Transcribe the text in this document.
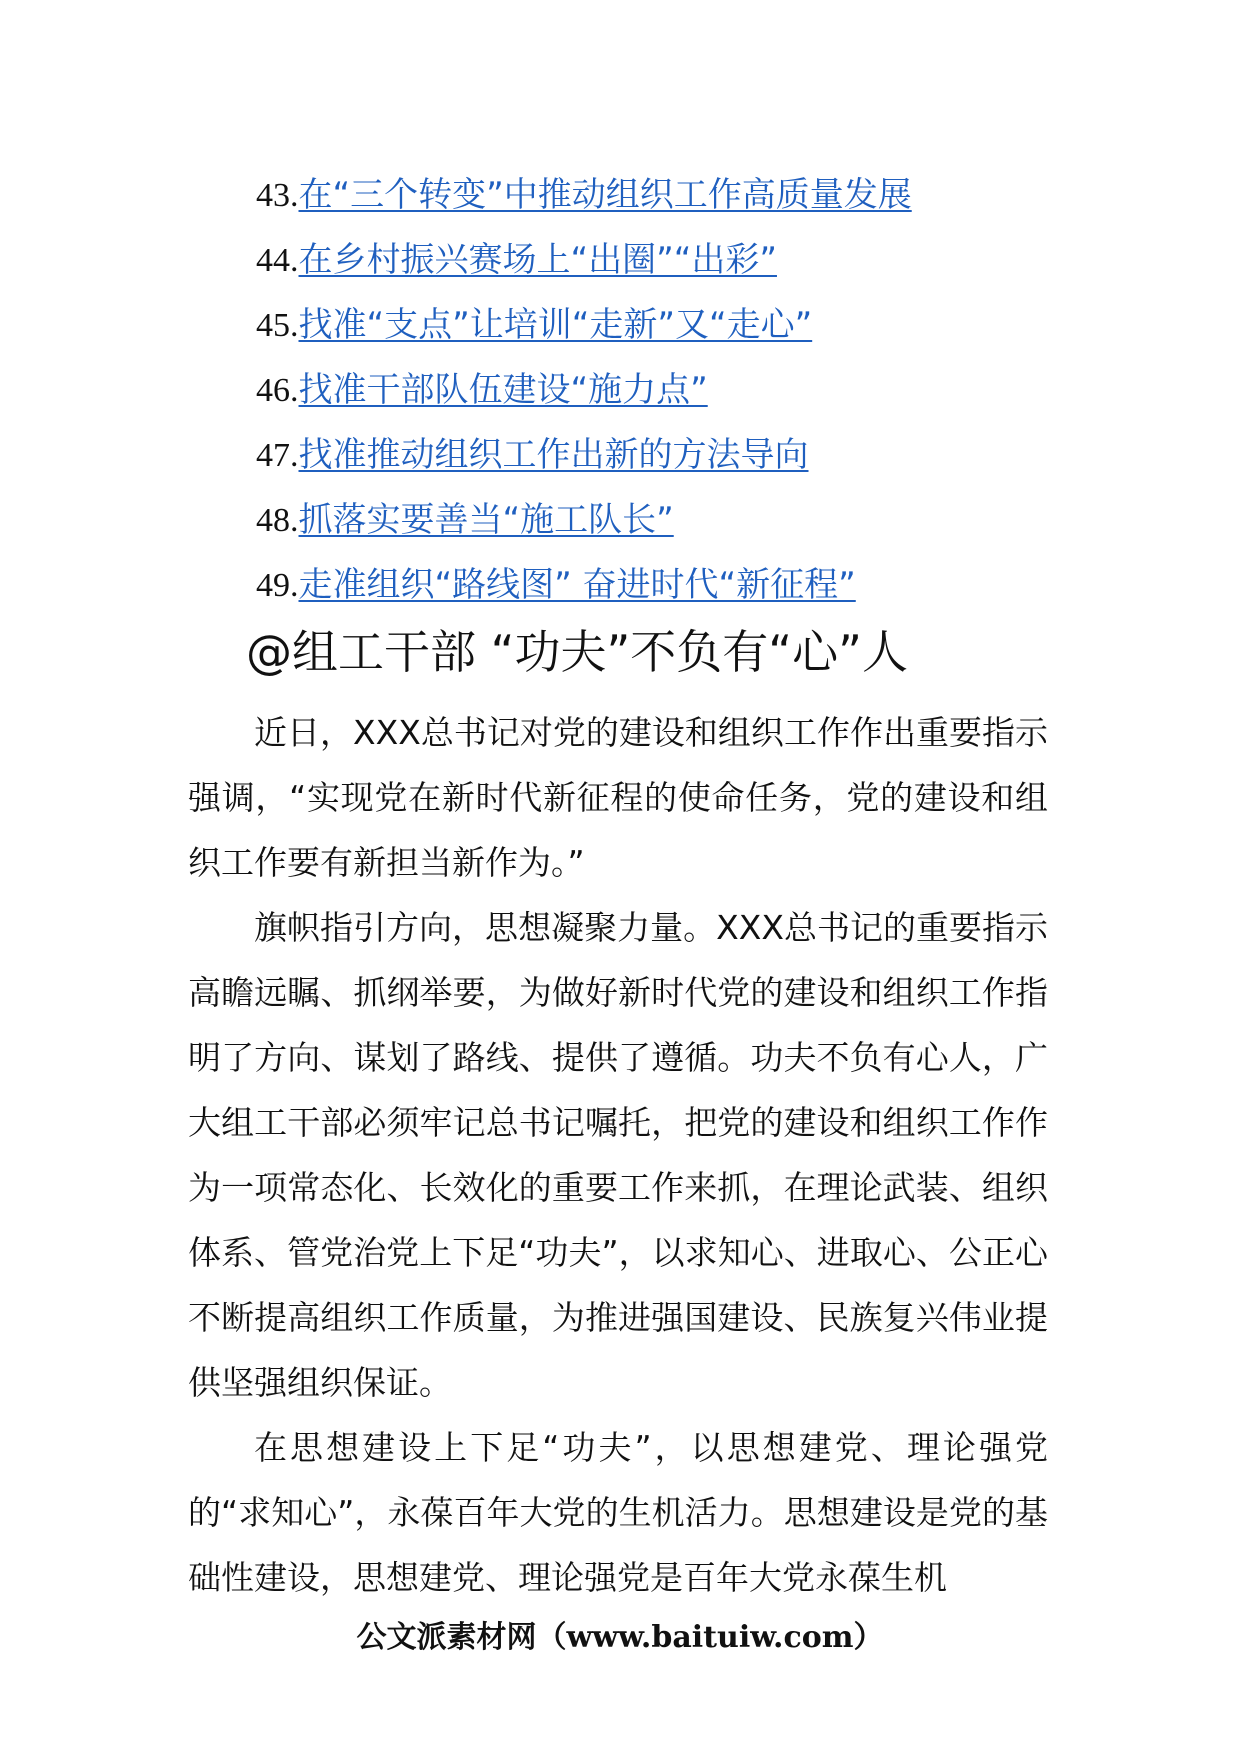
43.在“三个转变”中推动组织工作高质量发展
44.在乡村振兴赛场上“出圈”“出彩”
45.找准“支点”让培训“走新”又“走心”
46.找准干部队伍建设“施力点”
47.找准推动组织工作出新的方法导向
48.抓落实要善当“施工队长”
49.走准组织“路线图” 奋进时代“新征程”
@组工干部 “功夫”不负有“心”人

近日，XXX总书记对党的建设和组织工作作出重要指示强调，“实现党在新时代新征程的使命任务，党的建设和组织工作要有新担当新作为。”

旗帜指引方向，思想凝聚力量。XXX总书记的重要指示高瞻远瞩、抓纲举要，为做好新时代党的建设和组织工作指明了方向、谋划了路线、提供了遵循。功夫不负有心人，广大组工干部必须牢记总书记嘱托，把党的建设和组织工作作为一项常态化、长效化的重要工作来抓，在理论武装、组织体系、管党治党上下足“功夫”，以求知心、进取心、公正心不断提高组织工作质量，为推进强国建设、民族复兴伟业提供坚强组织保证。

在思想建设上下足“功夫”，以思想建党、理论强党的“求知心”，永葆百年大党的生机活力。思想建设是党的基础性建设，思想建党、理论强党是百年大党永葆生机

公文派素材网（www.baituiw.com）
